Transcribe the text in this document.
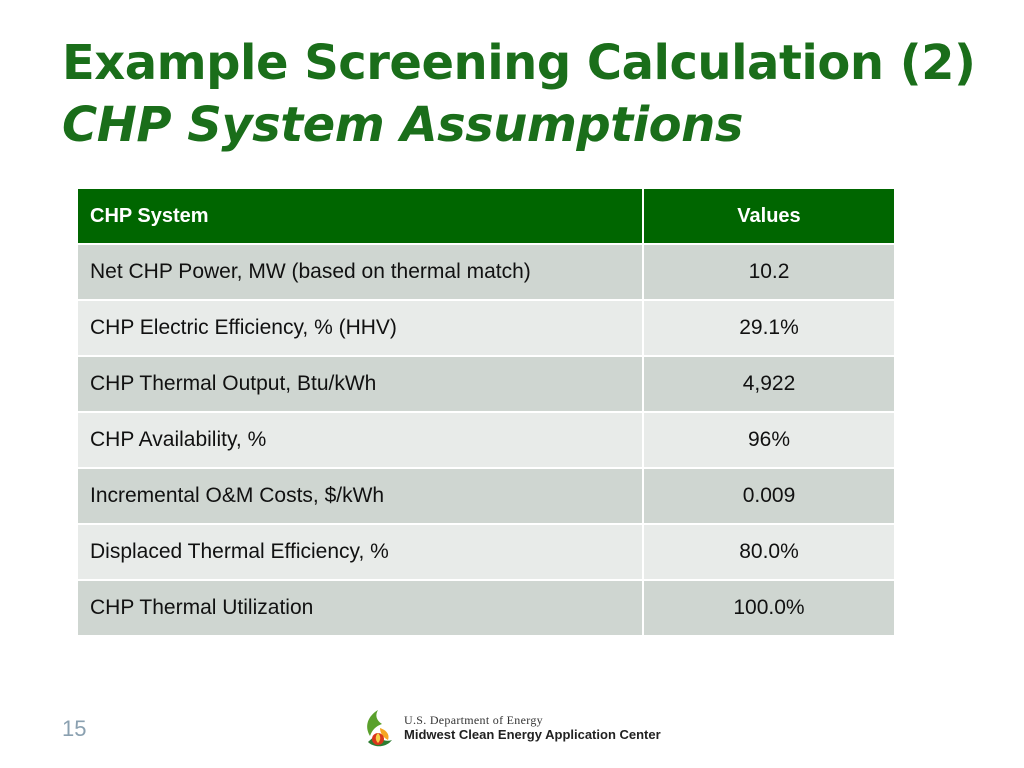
Example Screening Calculation (2)
CHP System Assumptions
CHP System	Values
Net CHP Power, MW (based on thermal match)	10.2
CHP Electric Efficiency, % (HHV)	29.1%
CHP Thermal Output, Btu/kWh	4,922
CHP Availability, %	96%
Incremental O&M Costs, $/kWh	0.009
Displaced Thermal Efficiency, %	80.0%
CHP Thermal Utilization	100.0%
15	U.S. Department of Energy
Midwest Clean Energy Application Center
